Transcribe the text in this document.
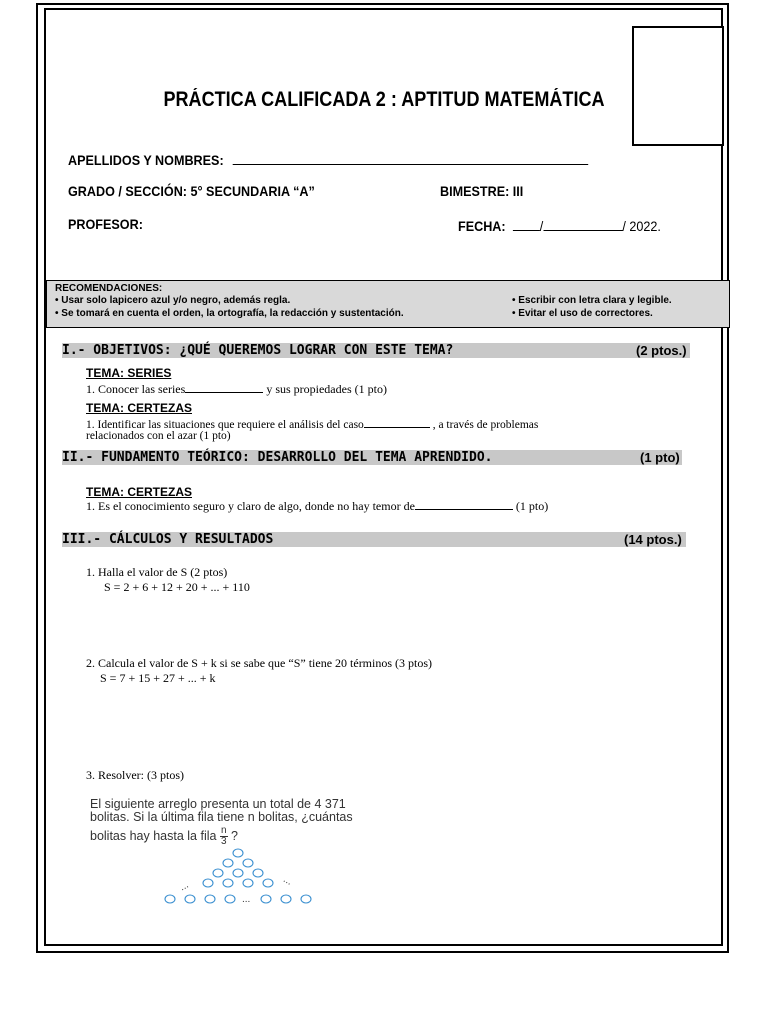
PRÁCTICA CALIFICADA 2 : APTITUD MATEMÁTICA
APELLIDOS Y NOMBRES:
GRADO / SECCIÓN: 5° SECUNDARIA “A”	BIMESTRE: III
PROFESOR:	FECHA: /	/ 2022.
RECOMENDACIONES:
• Usar solo lapicero azul y/o negro, además regla.
• Se tomará en cuenta el orden, la ortografía, la redacción y sustentación.
• Escribir con letra clara y legible.
• Evitar el uso de correctores.
I.- OBJETIVOS: ¿QUÉ QUEREMOS LOGRAR CON ESTE TEMA?	(2 ptos.)
TEMA: SERIES
1. Conocer las series	y sus propiedades (1 pto)
TEMA: CERTEZAS
1. Identificar las situaciones que requiere el análisis del caso	, a través de problemas
relacionados con el azar (1 pto)
II.- FUNDAMENTO TEÓRICO: DESARROLLO DEL TEMA APRENDIDO.	(1 pto)
TEMA: CERTEZAS
1. Es el conocimiento seguro y claro de algo, donde no hay temor de	(1 pto)
III.- CÁLCULOS Y RESULTADOS	(14 ptos.)
1. Halla el valor de S (2 ptos)
S = 2 + 6 + 12 + 20 + ... + 110
2. Calcula el valor de S + k si se sabe que “S” tiene 20 términos (3 ptos)
S = 7 + 15 + 27 + ... + k
3. Resolver: (3 ptos)
El siguiente arreglo presenta un total de 4 371
bolitas. Si la última fila tiene n bolitas, ¿cuántas
bolitas hay hasta la fila $\frac{n}{3}$ ?
...	...
...
